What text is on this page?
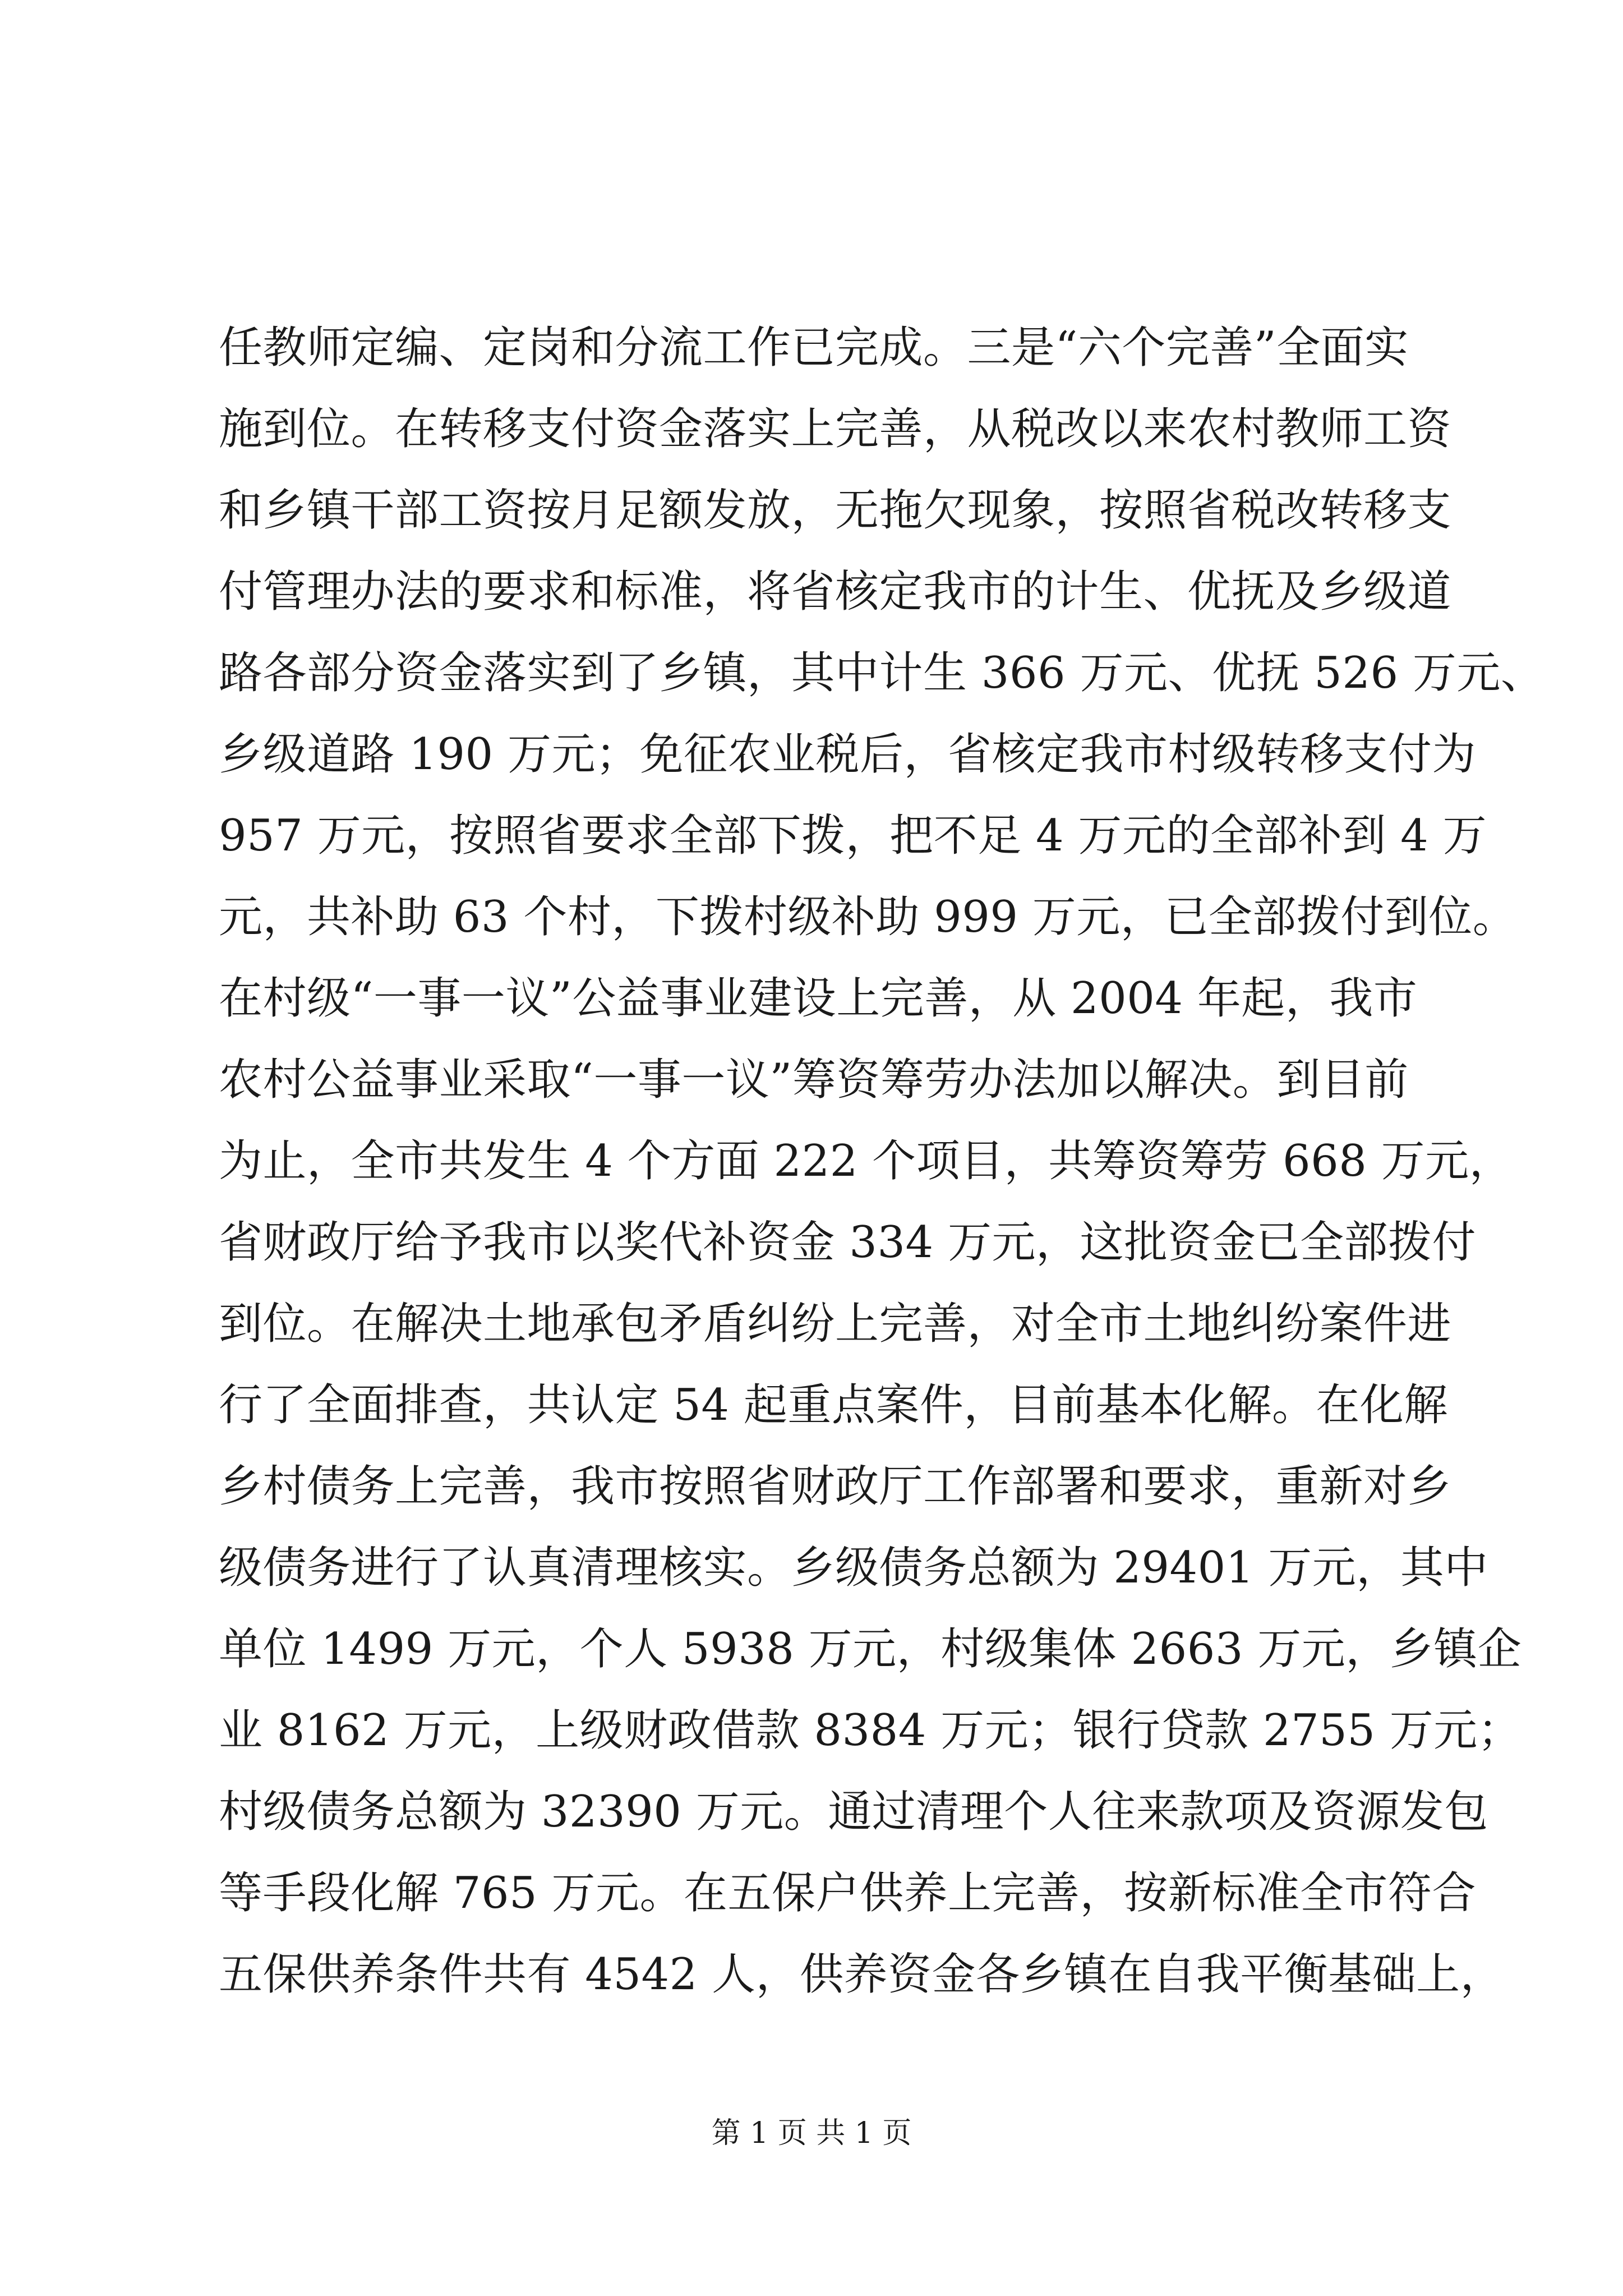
任教师定编、定岗和分流工作已完成。三是“六个完善”全面实
施到位。在转移支付资金落实上完善，从税改以来农村教师工资
和乡镇干部工资按月足额发放，无拖欠现象，按照省税改转移支
付管理办法的要求和标准，将省核定我市的计生、优抚及乡级道
路各部分资金落实到了乡镇，其中计生 366 万元、优抚 526 万元、
乡级道路 190 万元；免征农业税后，省核定我市村级转移支付为
957 万元，按照省要求全部下拨，把不足 4 万元的全部补到 4 万
元，共补助 63 个村，下拨村级补助 999 万元，已全部拨付到位。
在村级“一事一议”公益事业建设上完善，从 2004 年起，我市
农村公益事业采取“一事一议”筹资筹劳办法加以解决。到目前
为止，全市共发生 4 个方面 222 个项目，共筹资筹劳 668 万元，
省财政厅给予我市以奖代补资金 334 万元，这批资金已全部拨付
到位。在解决土地承包矛盾纠纷上完善，对全市土地纠纷案件进
行了全面排查，共认定 54 起重点案件，目前基本化解。在化解
乡村债务上完善，我市按照省财政厅工作部署和要求，重新对乡
级债务进行了认真清理核实。乡级债务总额为 29401 万元，其中
单位 1499 万元，个人 5938 万元，村级集体 2663 万元，乡镇企
业 8162 万元，上级财政借款 8384 万元；银行贷款 2755 万元；
村级债务总额为 32390 万元。通过清理个人往来款项及资源发包
等手段化解 765 万元。在五保户供养上完善，按新标准全市符合
五保供养条件共有 4542 人，供养资金各乡镇在自我平衡基础上，
第 1 页 共 1 页
